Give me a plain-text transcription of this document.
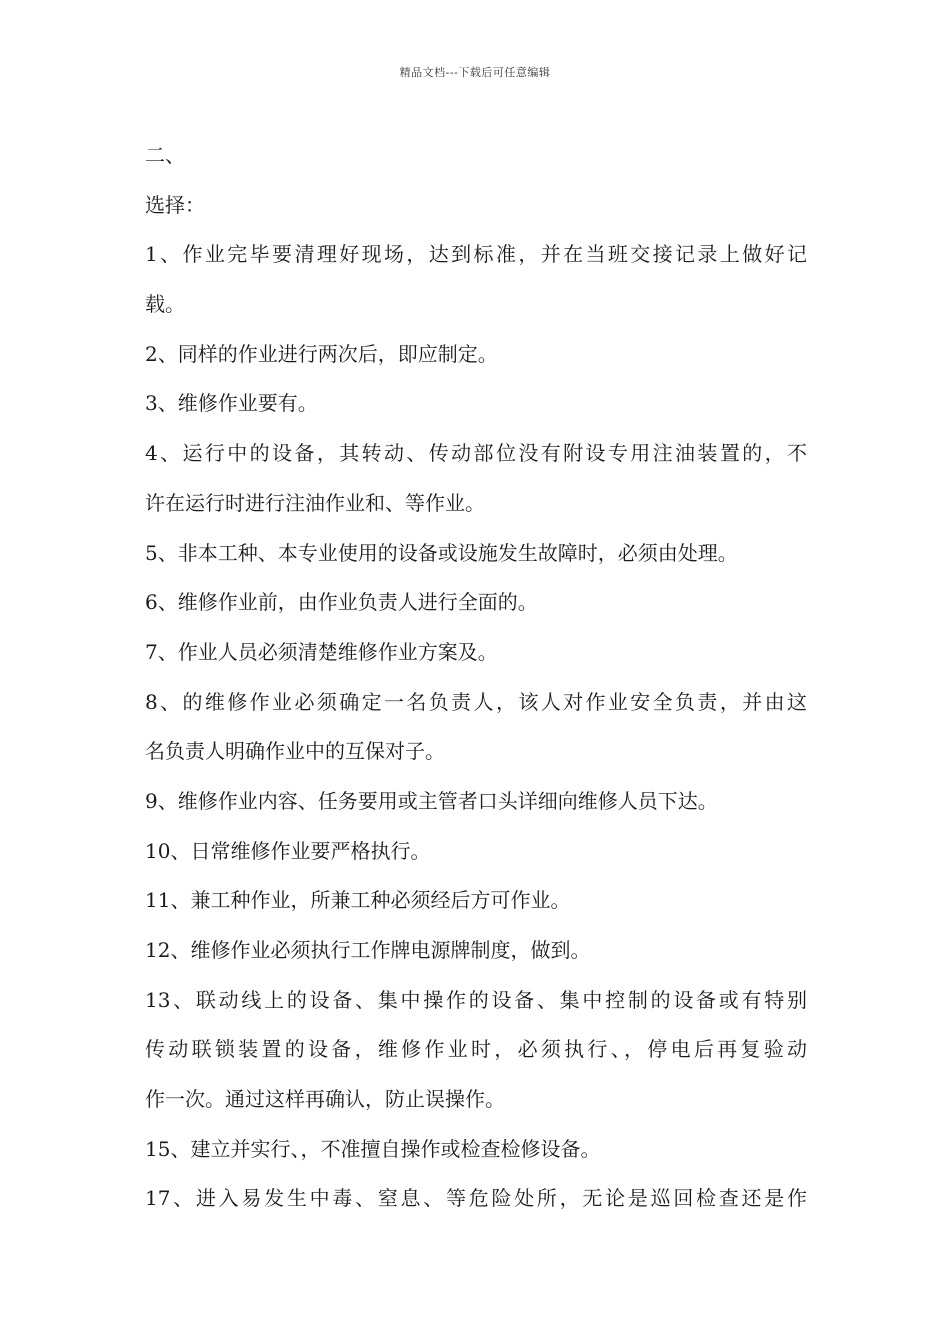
精品文档---下载后可任意编辑
二、
选择：
1、作业完毕要清理好现场，达到标准，并在当班交接记录上做好记
载。
2、同样的作业进行两次后，即应制定。
3、维修作业要有。
4、运行中的设备，其转动、传动部位没有附设专用注油装置的，不
许在运行时进行注油作业和、等作业。
5、非本工种、本专业使用的设备或设施发生故障时，必须由处理。
6、维修作业前，由作业负责人进行全面的。
7、作业人员必须清楚维修作业方案及。
8、的维修作业必须确定一名负责人，该人对作业安全负责，并由这
名负责人明确作业中的互保对子。
9、维修作业内容、任务要用或主管者口头详细向维修人员下达。
10、日常维修作业要严格执行。
11、兼工种作业，所兼工种必须经后方可作业。
12、维修作业必须执行工作牌电源牌制度，做到。
13、联动线上的设备、集中操作的设备、集中控制的设备或有特别
传动联锁装置的设备，维修作业时，必须执行、，停电后再复验动
作一次。通过这样再确认，防止误操作。
15、建立并实行、，不准擅自操作或检查检修设备。
17、进入易发生中毒、窒息、等危险处所，无论是巡回检查还是作
